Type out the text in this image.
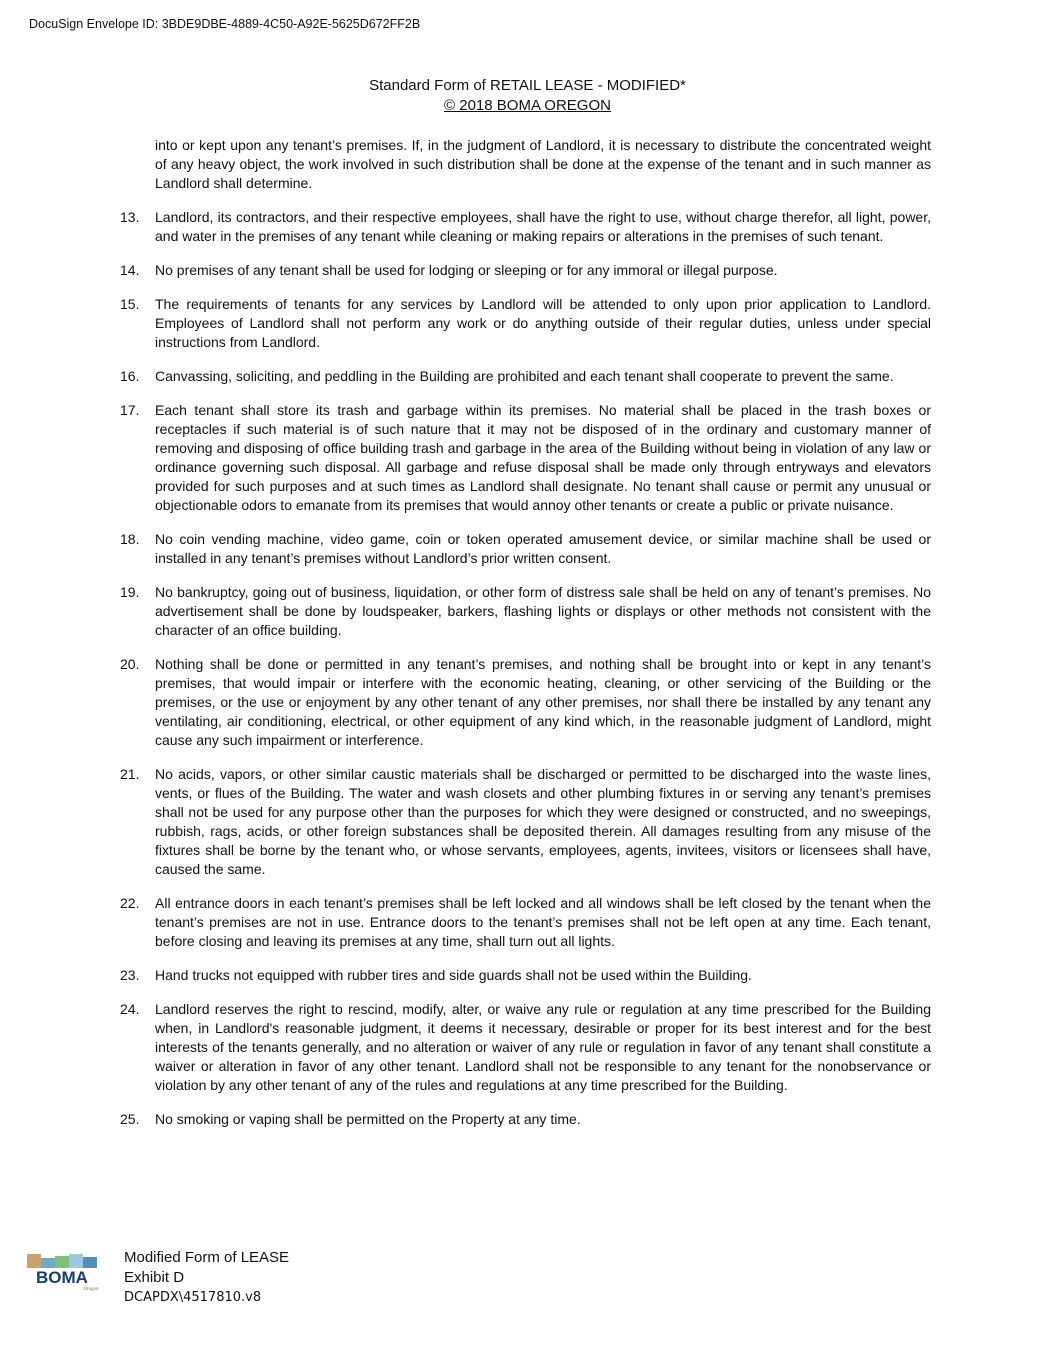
DocuSign Envelope ID: 3BDE9DBE-4889-4C50-A92E-5625D672FF2B
Standard Form of RETAIL LEASE - MODIFIED*
© 2018 BOMA OREGON
into or kept upon any tenant’s premises. If, in the judgment of Landlord, it is necessary to distribute the concentrated weight of any heavy object, the work involved in such distribution shall be done at the expense of the tenant and in such manner as Landlord shall determine.
13.	Landlord, its contractors, and their respective employees, shall have the right to use, without charge therefor, all light, power, and water in the premises of any tenant while cleaning or making repairs or alterations in the premises of such tenant.
14.	No premises of any tenant shall be used for lodging or sleeping or for any immoral or illegal purpose.
15.	The requirements of tenants for any services by Landlord will be attended to only upon prior application to Landlord. Employees of Landlord shall not perform any work or do anything outside of their regular duties, unless under special instructions from Landlord.
16.	Canvassing, soliciting, and peddling in the Building are prohibited and each tenant shall cooperate to prevent the same.
17.	Each tenant shall store its trash and garbage within its premises. No material shall be placed in the trash boxes or receptacles if such material is of such nature that it may not be disposed of in the ordinary and customary manner of removing and disposing of office building trash and garbage in the area of the Building without being in violation of any law or ordinance governing such disposal. All garbage and refuse disposal shall be made only through entryways and elevators provided for such purposes and at such times as Landlord shall designate. No tenant shall cause or permit any unusual or objectionable odors to emanate from its premises that would annoy other tenants or create a public or private nuisance.
18.	No coin vending machine, video game, coin or token operated amusement device, or similar machine shall be used or installed in any tenant’s premises without Landlord’s prior written consent.
19.	No bankruptcy, going out of business, liquidation, or other form of distress sale shall be held on any of tenant’s premises. No advertisement shall be done by loudspeaker, barkers, flashing lights or displays or other methods not consistent with the character of an office building.
20.	Nothing shall be done or permitted in any tenant’s premises, and nothing shall be brought into or kept in any tenant’s premises, that would impair or interfere with the economic heating, cleaning, or other servicing of the Building or the premises, or the use or enjoyment by any other tenant of any other premises, nor shall there be installed by any tenant any ventilating, air conditioning, electrical, or other equipment of any kind which, in the reasonable judgment of Landlord, might cause any such impairment or interference.
21.	No acids, vapors, or other similar caustic materials shall be discharged or permitted to be discharged into the waste lines, vents, or flues of the Building. The water and wash closets and other plumbing fixtures in or serving any tenant’s premises shall not be used for any purpose other than the purposes for which they were designed or constructed, and no sweepings, rubbish, rags, acids, or other foreign substances shall be deposited therein. All damages resulting from any misuse of the fixtures shall be borne by the tenant who, or whose servants, employees, agents, invitees, visitors or licensees shall have, caused the same.
22.	All entrance doors in each tenant’s premises shall be left locked and all windows shall be left closed by the tenant when the tenant’s premises are not in use. Entrance doors to the tenant’s premises shall not be left open at any time. Each tenant, before closing and leaving its premises at any time, shall turn out all lights.
23.	Hand trucks not equipped with rubber tires and side guards shall not be used within the Building.
24.	Landlord reserves the right to rescind, modify, alter, or waive any rule or regulation at any time prescribed for the Building when, in Landlord's reasonable judgment, it deems it necessary, desirable or proper for its best interest and for the best interests of the tenants generally, and no alteration or waiver of any rule or regulation in favor of any tenant shall constitute a waiver or alteration in favor of any other tenant. Landlord shall not be responsible to any tenant for the nonobservance or violation by any other tenant of any of the rules and regulations at any time prescribed for the Building.
25.	No smoking or vaping shall be permitted on the Property at any time.
BOMA
Oregon
Modified Form of LEASE
Exhibit D
DCAPDX\4517810.v8
